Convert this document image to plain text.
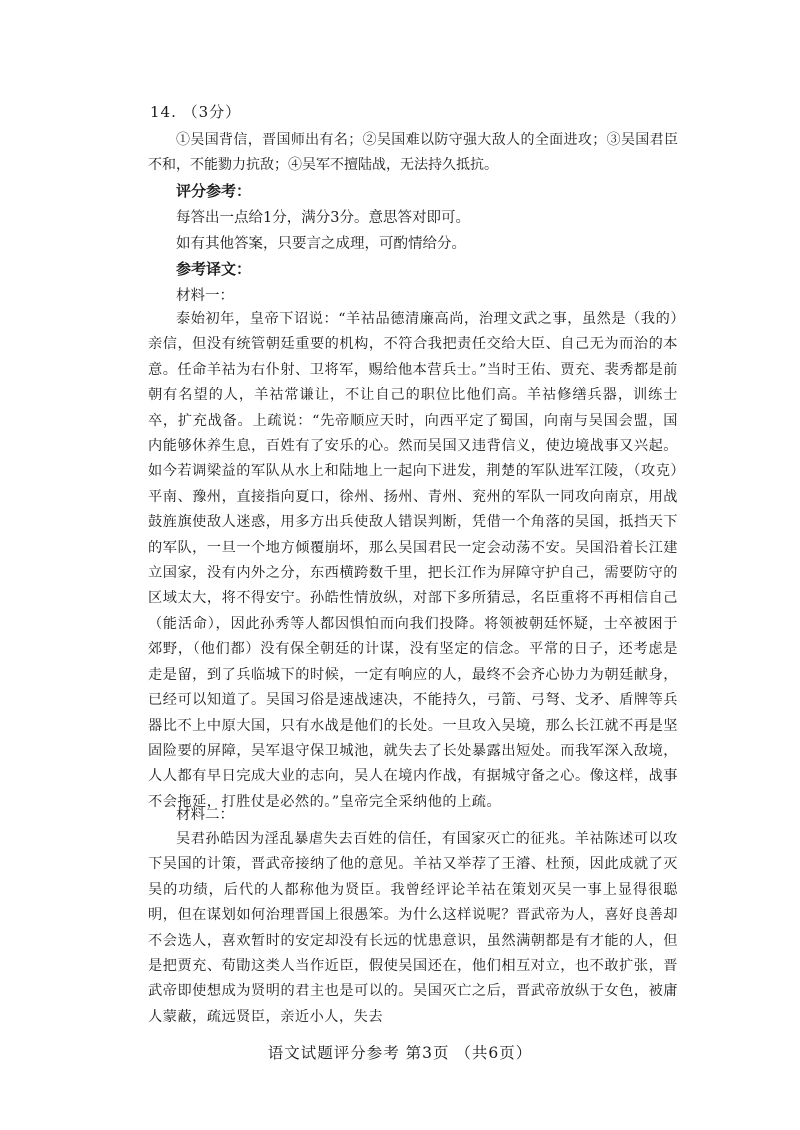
14. （3分）

①吴国背信，晋国师出有名；②吴国难以防守强大敌人的全面进攻；③吴国君臣不和，不能勠力抗敌；④吴军不擅陆战，无法持久抵抗。

评分参考：
每答出一点给1分，满分3分。意思答对即可。
如有其他答案，只要言之成理，可酌情给分。
参考译文：
材料一：

泰始初年，皇帝下诏说：“羊祜品德清廉高尚，治理文武之事，虽然是（我的）亲信，但没有统管朝廷重要的机构，不符合我把责任交给大臣、自己无为而治的本意。任命羊祜为右仆射、卫将军，赐给他本营兵士。”当时王佑、贾充、裴秀都是前朝有名望的人，羊祜常谦让，不让自己的职位比他们高。羊祜修缮兵器，训练士卒，扩充战备。上疏说：“先帝顺应天时，向西平定了蜀国，向南与吴国会盟，国内能够休养生息，百姓有了安乐的心。然而吴国又违背信义，使边境战事又兴起。如今若调梁益的军队从水上和陆地上一起向下进发，荆楚的军队进军江陵，（攻克）平南、豫州，直接指向夏口，徐州、扬州、青州、兖州的军队一同攻向南京，用战鼓旌旗使敌人迷惑，用多方出兵使敌人错误判断，凭借一个角落的吴国，抵挡天下的军队，一旦一个地方倾覆崩坏，那么吴国君民一定会动荡不安。吴国沿着长江建立国家，没有内外之分，东西横跨数千里，把长江作为屏障守护自己，需要防守的区域太大，将不得安宁。孙皓性情放纵，对部下多所猜忌，名臣重将不再相信自己（能活命），因此孙秀等人都因惧怕而向我们投降。将领被朝廷怀疑，士卒被困于郊野，（他们都）没有保全朝廷的计谋，没有坚定的信念。平常的日子，还考虑是走是留，到了兵临城下的时候，一定有响应的人，最终不会齐心协力为朝廷献身，已经可以知道了。吴国习俗是速战速决，不能持久，弓箭、弓弩、戈矛、盾牌等兵器比不上中原大国，只有水战是他们的长处。一旦攻入吴境，那么长江就不再是坚固险要的屏障，吴军退守保卫城池，就失去了长处暴露出短处。而我军深入敌境，人人都有早日完成大业的志向，吴人在境内作战，有据城守备之心。像这样，战事不会拖延，打胜仗是必然的。”皇帝完全采纳他的上疏。

材料二：

吴君孙皓因为淫乱暴虐失去百姓的信任，有国家灭亡的征兆。羊祜陈述可以攻下吴国的计策，晋武帝接纳了他的意见。羊祜又举荐了王濬、杜预，因此成就了灭吴的功绩，后代的人都称他为贤臣。我曾经评论羊祜在策划灭吴一事上显得很聪明，但在谋划如何治理晋国上很愚笨。为什么这样说呢？晋武帝为人，喜好良善却不会选人，喜欢暂时的安定却没有长远的忧患意识，虽然满朝都是有才能的人，但是把贾充、荀勖这类人当作近臣，假使吴国还在，他们相互对立，也不敢扩张，晋武帝即使想成为贤明的君主也是可以的。吴国灭亡之后，晋武帝放纵于女色，被庸人蒙蔽，疏远贤臣，亲近小人，失去

语文试题评分参考 第3页 （共6页）
